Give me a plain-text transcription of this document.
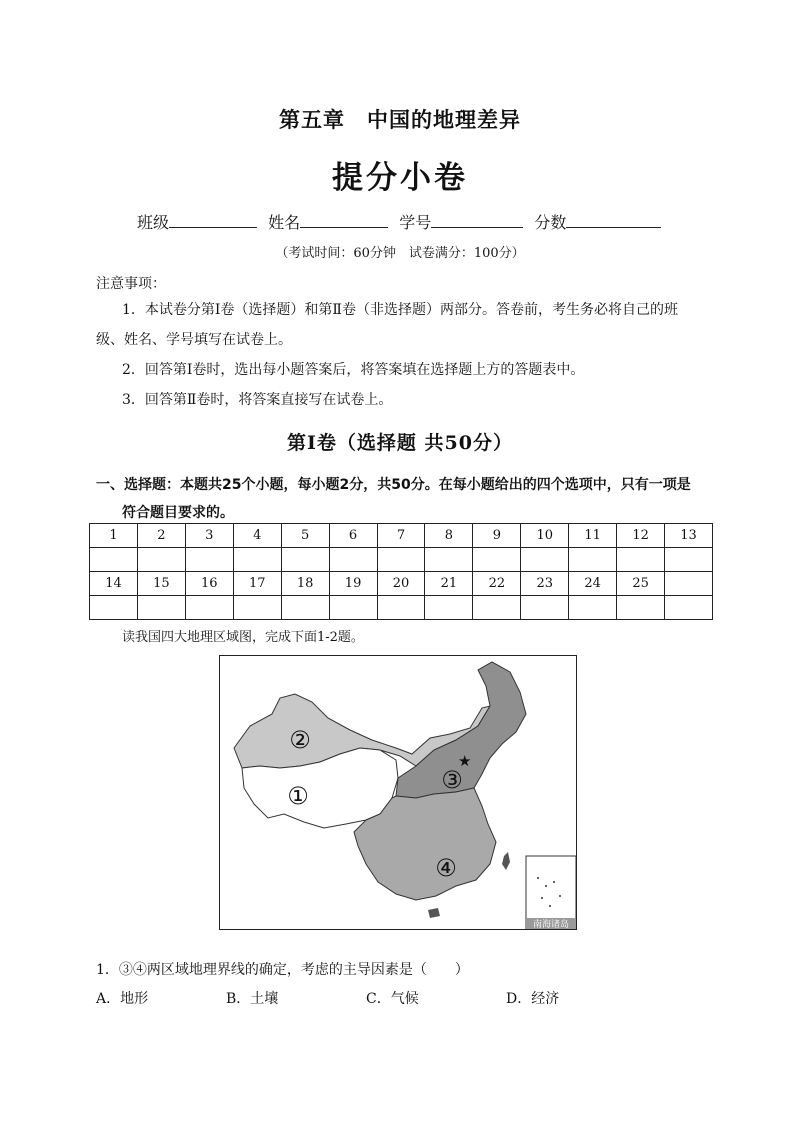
第五章　中国的地理差异
提分小卷
班级	姓名	学号	分数
（考试时间：60分钟　试卷满分：100分）
注意事项：
1．本试卷分第Ⅰ卷（选择题）和第Ⅱ卷（非选择题）两部分。答卷前，考生务必将自己的班
级、姓名、学号填写在试卷上。
2．回答第Ⅰ卷时，选出每小题答案后，将答案填在选择题上方的答题表中。
3．回答第Ⅱ卷时，将答案直接写在试卷上。
第Ⅰ卷（选择题 共50分）
一、选择题：本题共25个小题，每小题2分，共50分。在每小题给出的四个选项中，只有一项是
符合题目要求的。
1	2	3	4	5	6	7	8	9	10	11	12	13

14	15	16	17	18	19	20	21	22	23	24	25	

读我国四大地理区域图，完成下面1-2题。
★
②
①
③
④
南海诸岛
1．③④两区域地理界线的确定，考虑的主导因素是（　　）
A．地形	B．土壤	C．气候	D．经济
